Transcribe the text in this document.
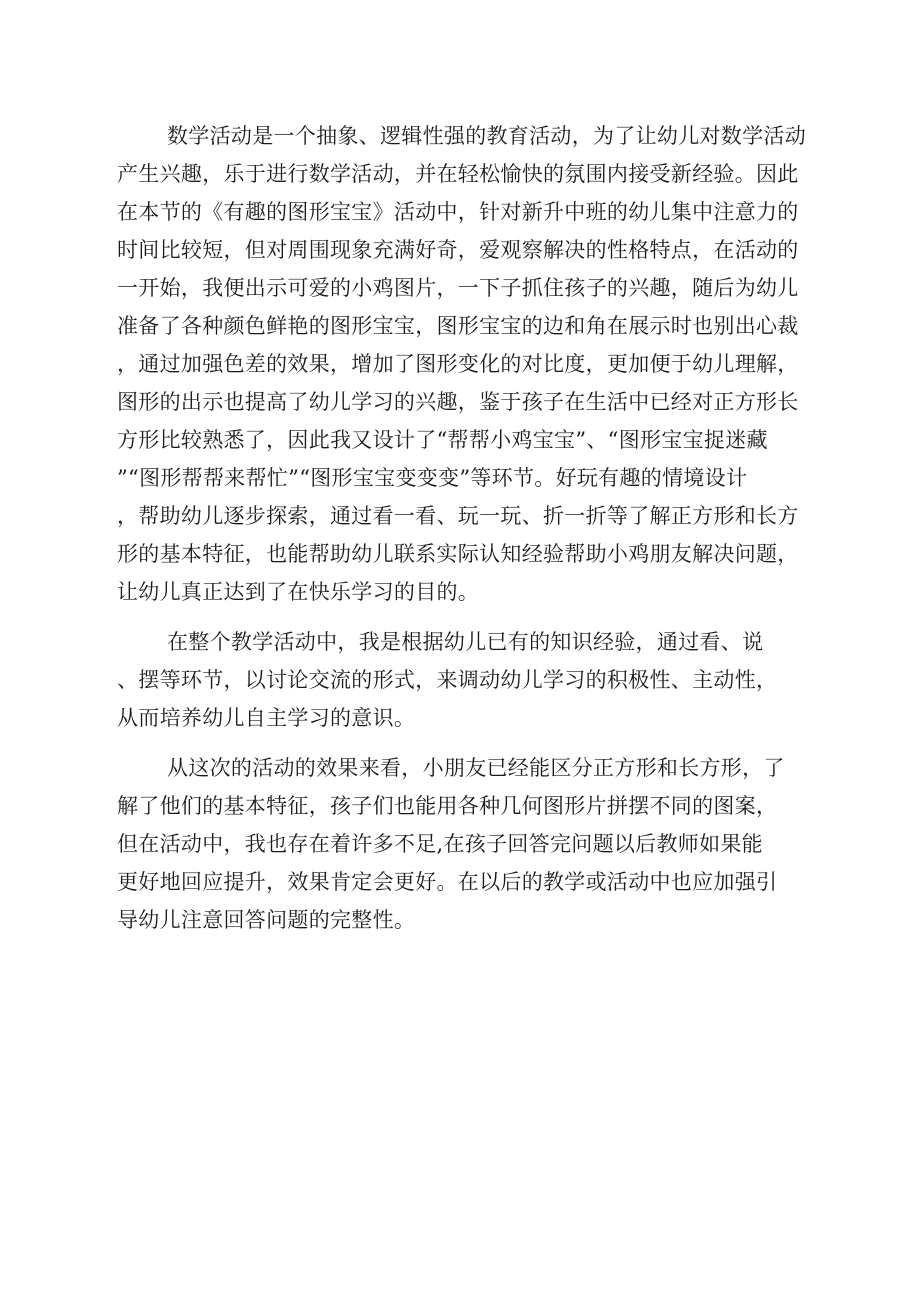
数学活动是一个抽象、逻辑性强的教育活动，为了让幼儿对数学活动
产生兴趣，乐于进行数学活动，并在轻松愉快的氛围内接受新经验。因此
在本节的《有趣的图形宝宝》活动中，针对新升中班的幼儿集中注意力的
时间比较短，但对周围现象充满好奇，爱观察解决的性格特点，在活动的
一开始，我便出示可爱的小鸡图片，一下子抓住孩子的兴趣，随后为幼儿
准备了各种颜色鲜艳的图形宝宝，图形宝宝的边和角在展示时也别出心裁
，通过加强色差的效果，增加了图形变化的对比度，更加便于幼儿理解，
图形的出示也提高了幼儿学习的兴趣，鉴于孩子在生活中已经对正方形长
方形比较熟悉了，因此我又设计了“帮帮小鸡宝宝”、“图形宝宝捉迷藏
”“图形帮帮来帮忙”“图形宝宝变变变”等环节。好玩有趣的情境设计
，帮助幼儿逐步探索，通过看一看、玩一玩、折一折等了解正方形和长方
形的基本特征，也能帮助幼儿联系实际认知经验帮助小鸡朋友解决问题，
让幼儿真正达到了在快乐学习的目的。
在整个教学活动中，我是根据幼儿已有的知识经验，通过看、说
、摆等环节，以讨论交流的形式，来调动幼儿学习的积极性、主动性，
从而培养幼儿自主学习的意识。
从这次的活动的效果来看，小朋友已经能区分正方形和长方形，了
解了他们的基本特征，孩子们也能用各种几何图形片拼摆不同的图案，
但在活动中，我也存在着许多不足,在孩子回答完问题以后教师如果能
更好地回应提升，效果肯定会更好。在以后的教学或活动中也应加强引
导幼儿注意回答问题的完整性。
